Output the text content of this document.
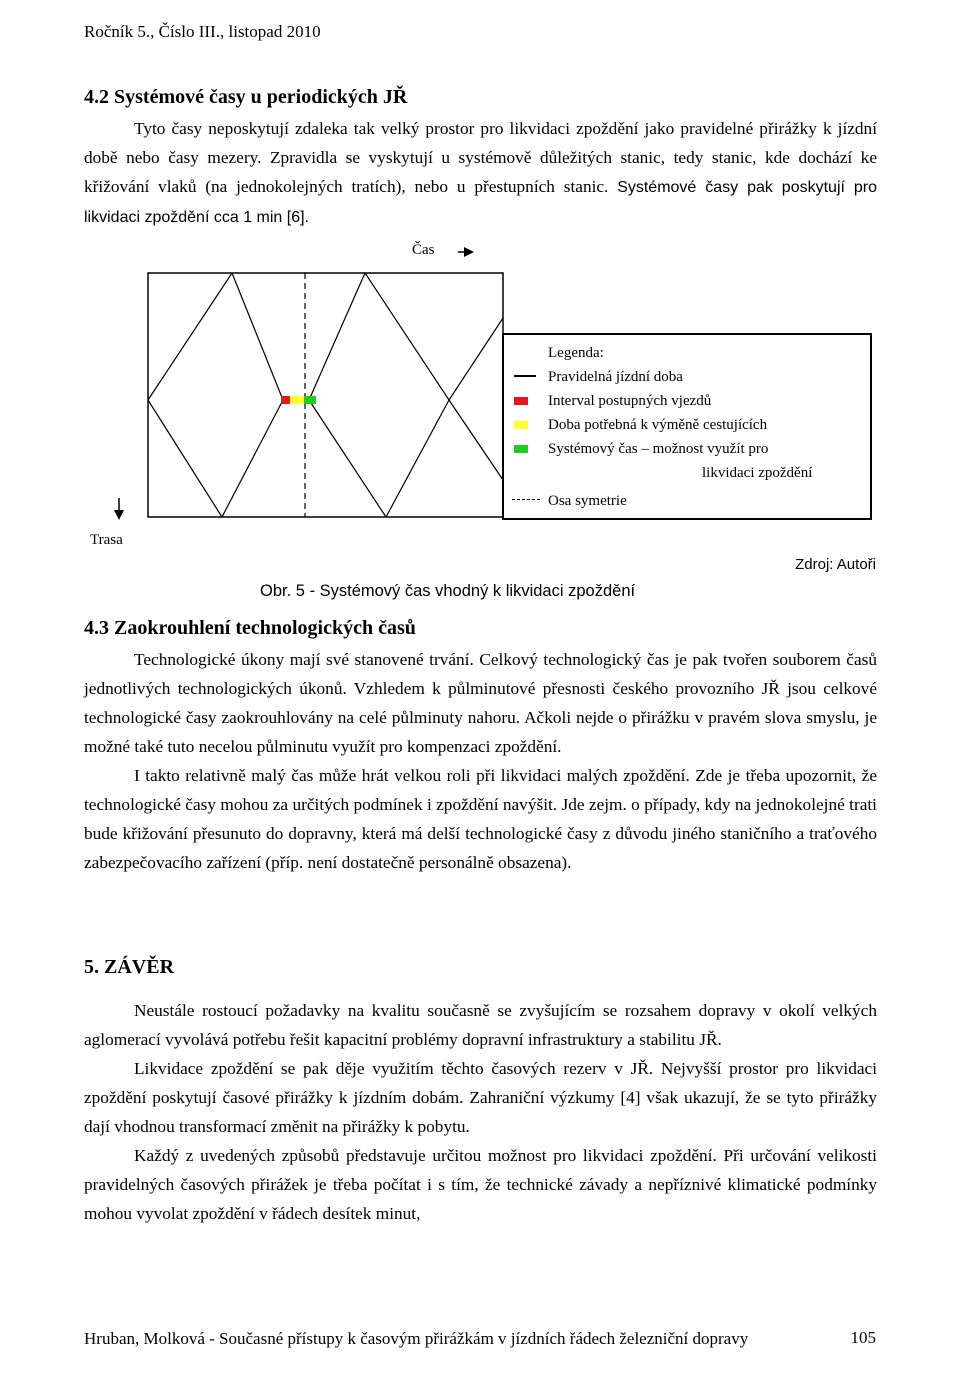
Ročník 5., Číslo III., listopad 2010
4.2 Systémové časy u periodických JŘ

Tyto časy neposkytují zdaleka tak velký prostor pro likvidaci zpoždění jako pravidelné přirážky k jízdní době nebo časy mezery. Zpravidla se vyskytují u systémově důležitých stanic, tedy stanic, kde dochází ke křižování vlaků (na jednokolejných tratích), nebo u přestupních stanic. Systémové časy pak poskytují pro likvidaci zpoždění cca 1 min [6].

Čas
Trasa
Legenda:
Pravidelná jízdní doba
Interval postupných vjezdů
Doba potřebná k výměně cestujících
Systémový čas – možnost využít pro
likvidaci zpoždění
Osa symetrie
Zdroj: Autoři
Obr. 5 - Systémový čas vhodný k likvidaci zpoždění
4.3 Zaokrouhlení technologických časů

Technologické úkony mají své stanovené trvání. Celkový technologický čas je pak tvořen souborem časů jednotlivých technologických úkonů. Vzhledem k půlminutové přesnosti českého provozního JŘ jsou celkové technologické časy zaokrouhlovány na celé půlminuty nahoru. Ačkoli nejde o přirážku v pravém slova smyslu, je možné také tuto necelou půlminutu využít pro kompenzaci zpoždění.

I takto relativně malý čas může hrát velkou roli při likvidaci malých zpoždění. Zde je třeba upozornit, že technologické časy mohou za určitých podmínek i zpoždění navýšit. Jde zejm. o případy, kdy na jednokolejné trati bude křižování přesunuto do dopravny, která má delší technologické časy z důvodu jiného staničního a traťového zabezpečovacího zařízení (příp. není dostatečně personálně obsazena).

5. ZÁVĚR

Neustále rostoucí požadavky na kvalitu současně se zvyšujícím se rozsahem dopravy v okolí velkých aglomerací vyvolává potřebu řešit kapacitní problémy dopravní infrastruktury a stabilitu JŘ.

Likvidace zpoždění se pak děje využitím těchto časových rezerv v JŘ. Nejvyšší prostor pro likvidaci zpoždění poskytují časové přirážky k jízdním dobám. Zahraniční výzkumy [4] však ukazují, že se tyto přirážky dají vhodnou transformací změnit na přirážky k pobytu.

Každý z uvedených způsobů představuje určitou možnost pro likvidaci zpoždění. Při určování velikosti pravidelných časových přirážek je třeba počítat i s tím, že technické závady a nepříznivé klimatické podmínky mohou vyvolat zpoždění v řádech desítek minut,

Hruban, Molková - Současné přístupy k časovým přirážkám v jízdních řádech železniční dopravy	105
